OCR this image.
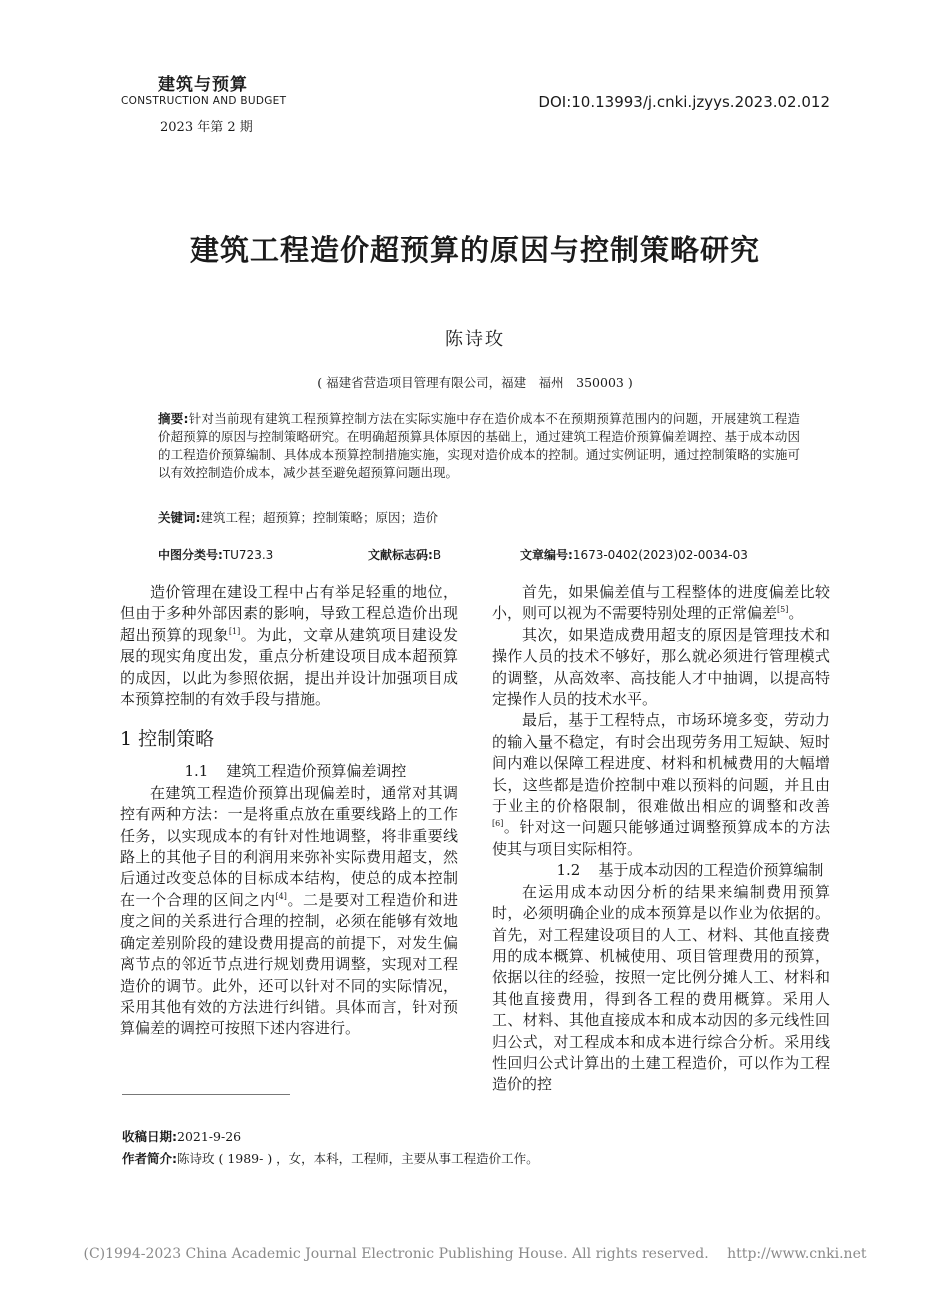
建筑与预算
CONSTRUCTION AND BUDGET
2023 年第 2 期
DOI:10.13993/j.cnki.jzyys.2023.02.012
建筑工程造价超预算的原因与控制策略研究
陈诗玫
( 福建省营造项目管理有限公司，福建　福州　350003 )
摘要:针对当前现有建筑工程预算控制方法在实际实施中存在造价成本不在预期预算范围内的问题，开展建筑工程造价超预算的原因与控制策略研究。在明确超预算具体原因的基础上，通过建筑工程造价预算偏差调控、基于成本动因的工程造价预算编制、具体成本预算控制措施实施，实现对造价成本的控制。通过实例证明，通过控制策略的实施可以有效控制造价成本，减少甚至避免超预算问题出现。
关键词:建筑工程；超预算；控制策略；原因；造价
中图分类号:TU723.3	文献标志码:B	文章编号:1673-0402(2023)02-0034-03

造价管理在建设工程中占有举足轻重的地位，但由于多种外部因素的影响，导致工程总造价出现超出预算的现象[1]。为此，文章从建筑项目建设发展的现实角度出发，重点分析建设项目成本超预算的成因，以此为参照依据，提出并设计加强项目成本预算控制的有效手段与措施。

1 控制策略

1.1 建筑工程造价预算偏差调控

在建筑工程造价预算出现偏差时，通常对其调控有两种方法：一是将重点放在重要线路上的工作任务，以实现成本的有针对性地调整，将非重要线路上的其他子目的利润用来弥补实际费用超支，然后通过改变总体的目标成本结构，使总的成本控制在一个合理的区间之内[4]。二是要对工程造价和进度之间的关系进行合理的控制，必须在能够有效地确定差别阶段的建设费用提高的前提下，对发生偏离节点的邻近节点进行规划费用调整，实现对工程造价的调节。此外，还可以针对不同的实际情况，采用其他有效的方法进行纠错。具体而言，针对预算偏差的调控可按照下述内容进行。

首先，如果偏差值与工程整体的进度偏差比较小，则可以视为不需要特别处理的正常偏差[5]。

其次，如果造成费用超支的原因是管理技术和操作人员的技术不够好，那么就必须进行管理模式的调整，从高效率、高技能人才中抽调，以提高特定操作人员的技术水平。

最后，基于工程特点，市场环境多变，劳动力的输入量不稳定，有时会出现劳务用工短缺、短时间内难以保障工程进度、材料和机械费用的大幅增长，这些都是造价控制中难以预料的问题，并且由于业主的价格限制，很难做出相应的调整和改善[6]。针对这一问题只能够通过调整预算成本的方法使其与项目实际相符。

1.2 基于成本动因的工程造价预算编制

在运用成本动因分析的结果来编制费用预算时，必须明确企业的成本预算是以作业为依据的。首先，对工程建设项目的人工、材料、其他直接费用的成本概算、机械使用、项目管理费用的预算，依据以往的经验，按照一定比例分摊人工、材料和其他直接费用，得到各工程的费用概算。采用人工、材料、其他直接成本和成本动因的多元线性回归公式，对工程成本和成本进行综合分析。采用线性回归公式计算出的土建工程造价，可以作为工程造价的控

收稿日期:2021-9-26
作者简介:陈诗玫 ( 1989- ) ，女，本科，工程师，主要从事工程造价工作。
(C)1994-2023 China Academic Journal Electronic Publishing House. All rights reserved.　 http://www.cnki.net
